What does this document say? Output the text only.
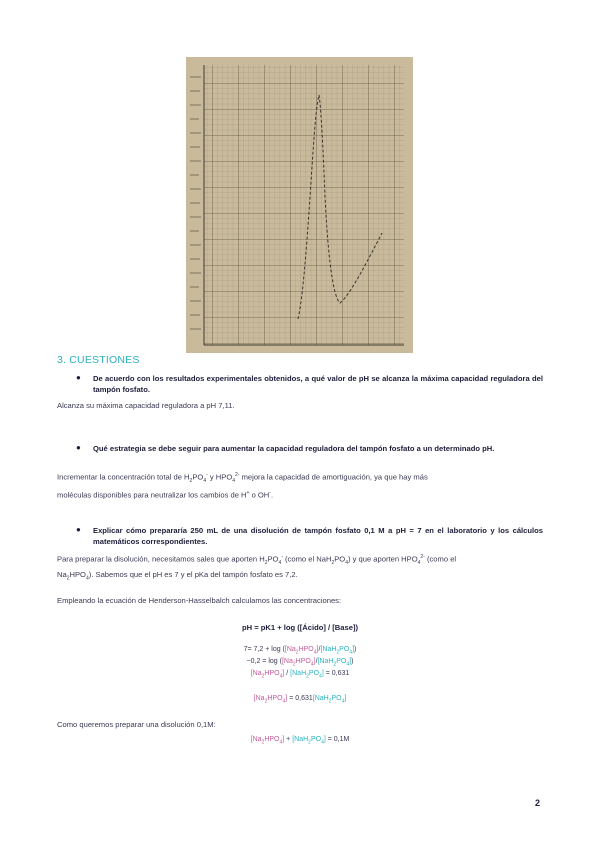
3. CUESTIONES
● De acuerdo con los resultados experimentales obtenidos, a qué valor de pH se alcanza la máxima capacidad reguladora del tampón fosfato.
Alcanza su máxima capacidad reguladora a pH 7,11.
● Qué estrategia se debe seguir para aumentar la capacidad reguladora del tampón fosfato a un determinado pH.
Incrementar la concentración total de $H_2PO_4^-$ y $HPO_4^{2-}$ mejora la capacidad de amortiguación, ya que hay más
moléculas disponibles para neutralizar los cambios de H+ o OH-.
● Explicar cómo prepararía 250 mL de una disolución de tampón fosfato 0,1 M a pH = 7 en el laboratorio y los cálculos matemáticos correspondientes.
Para preparar la disolución, necesitamos sales que aporten $H_2PO_4^-$ (como el $NaH_2PO_4$) y que aporten $HPO_4^{2-}$ (como el
$Na_2HPO_4$). Sabemos que el pH es 7 y el pKa del tampón fosfato es 7,2.
Empleando la ecuación de Henderson-Hasselbalch calculamos las concentraciones:
pH = pK1 + log ([Ácido] / [Base])
$7= 7,2 + \log ([Na_2HPO_4]/[NaH_2PO_4])$
$-0,2 = \log ([Na_2HPO_4]/[NaH_2PO_4])$
$[Na_2HPO_4] / [NaH_2PO_4] = 0,631$
$[Na_2HPO_4] = 0,631[NaH_2PO_4]$
Como queremos preparar una disolución 0,1M:
$[Na_2HPO_4] + [NaH_2PO_4] = 0,1M$
2
